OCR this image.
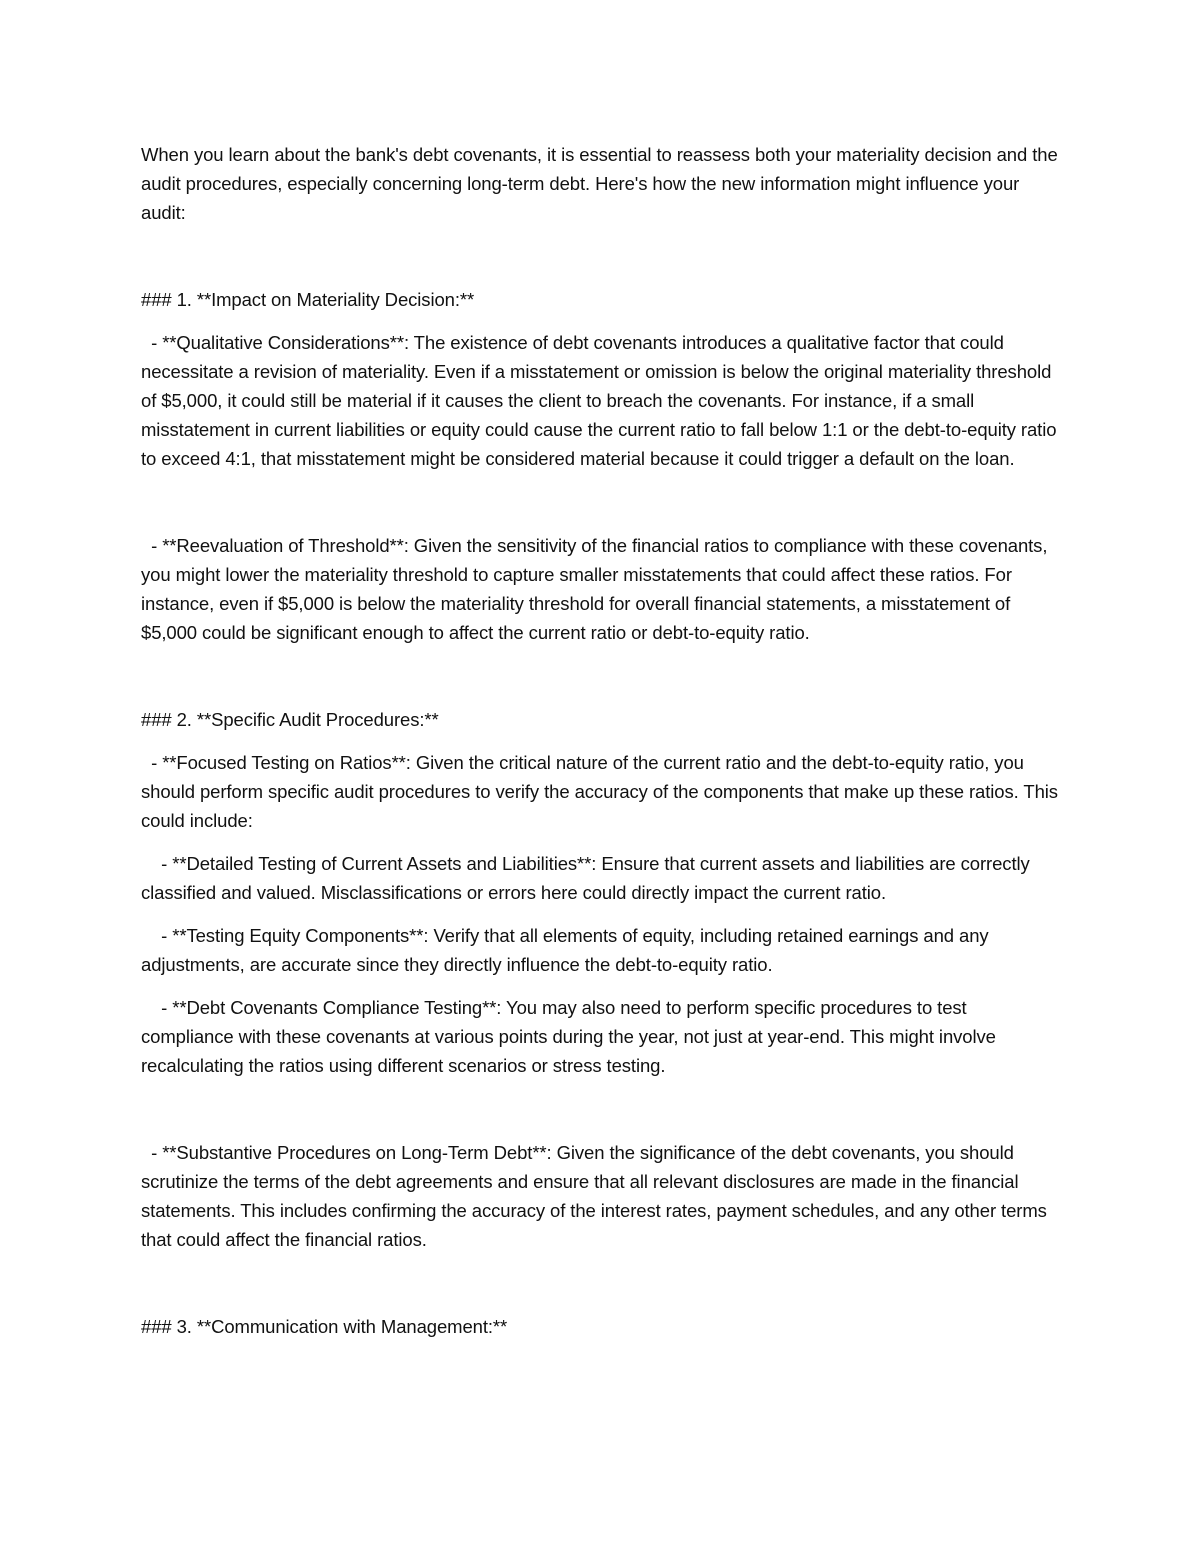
When you learn about the bank's debt covenants, it is essential to reassess both your materiality decision and the audit procedures, especially concerning long-term debt. Here's how the new information might influence your audit:

### 1. **Impact on Materiality Decision:**

- **Qualitative Considerations**: The existence of debt covenants introduces a qualitative factor that could necessitate a revision of materiality. Even if a misstatement or omission is below the original materiality threshold of $5,000, it could still be material if it causes the client to breach the covenants. For instance, if a small misstatement in current liabilities or equity could cause the current ratio to fall below 1:1 or the debt-to-equity ratio to exceed 4:1, that misstatement might be considered material because it could trigger a default on the loan.

- **Reevaluation of Threshold**: Given the sensitivity of the financial ratios to compliance with these covenants, you might lower the materiality threshold to capture smaller misstatements that could affect these ratios. For instance, even if $5,000 is below the materiality threshold for overall financial statements, a misstatement of $5,000 could be significant enough to affect the current ratio or debt-to-equity ratio.

### 2. **Specific Audit Procedures:**

- **Focused Testing on Ratios**: Given the critical nature of the current ratio and the debt-to-equity ratio, you should perform specific audit procedures to verify the accuracy of the components that make up these ratios. This could include:

- **Detailed Testing of Current Assets and Liabilities**: Ensure that current assets and liabilities are correctly classified and valued. Misclassifications or errors here could directly impact the current ratio.

- **Testing Equity Components**: Verify that all elements of equity, including retained earnings and any adjustments, are accurate since they directly influence the debt-to-equity ratio.

- **Debt Covenants Compliance Testing**: You may also need to perform specific procedures to test compliance with these covenants at various points during the year, not just at year-end. This might involve recalculating the ratios using different scenarios or stress testing.

- **Substantive Procedures on Long-Term Debt**: Given the significance of the debt covenants, you should scrutinize the terms of the debt agreements and ensure that all relevant disclosures are made in the financial statements. This includes confirming the accuracy of the interest rates, payment schedules, and any other terms that could affect the financial ratios.

### 3. **Communication with Management:**
